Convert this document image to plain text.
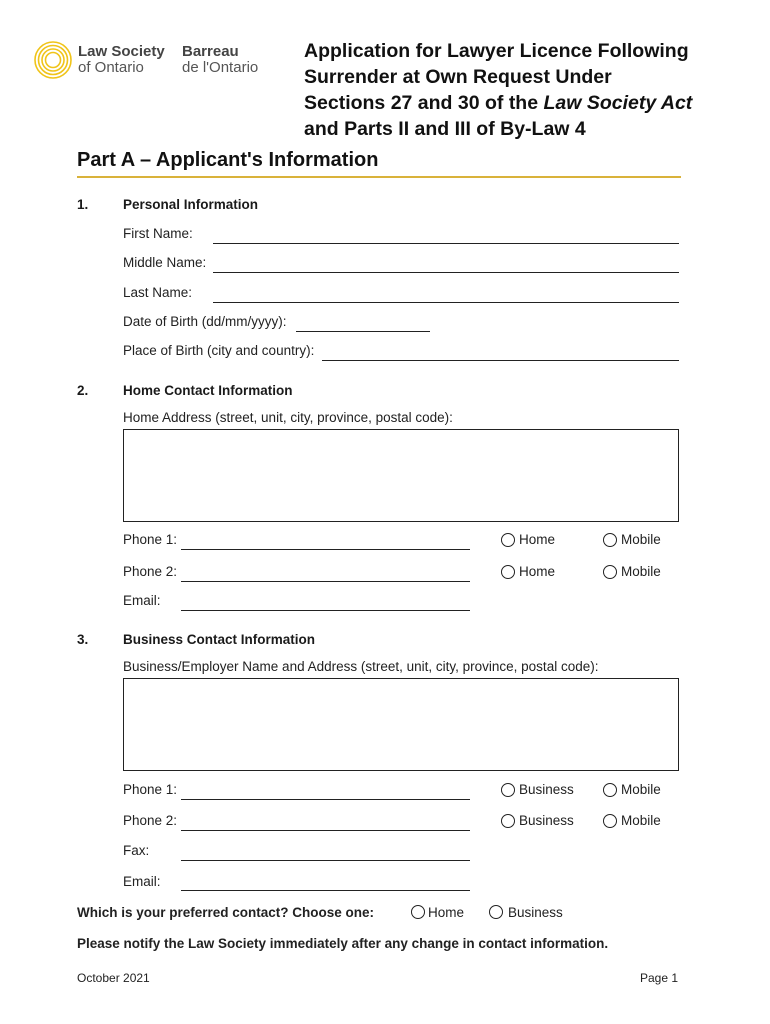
Law Society
of Ontario
Barreau
de l'Ontario
Application for Lawyer Licence Following
Surrender at Own Request Under
Sections 27 and 30 of the Law Society Act
and Parts II and III of By-Law 4
Part A – Applicant's Information
1.	Personal Information
First Name:
Middle Name:
Last Name:
Date of Birth (dd/mm/yyyy):
Place of Birth (city and country):
2.	Home Contact Information
Home Address (street, unit, city, province, postal code):
Phone 1:	Home	Mobile
Phone 2:	Home	Mobile
Email:
3.	Business Contact Information
Business/Employer Name and Address (street, unit, city, province, postal code):
Phone 1:	Business	Mobile
Phone 2:	Business	Mobile
Fax:
Email:
Which is your preferred contact? Choose one:	Home	Business
Please notify the Law Society immediately after any change in contact information.
October 2021	Page 1
